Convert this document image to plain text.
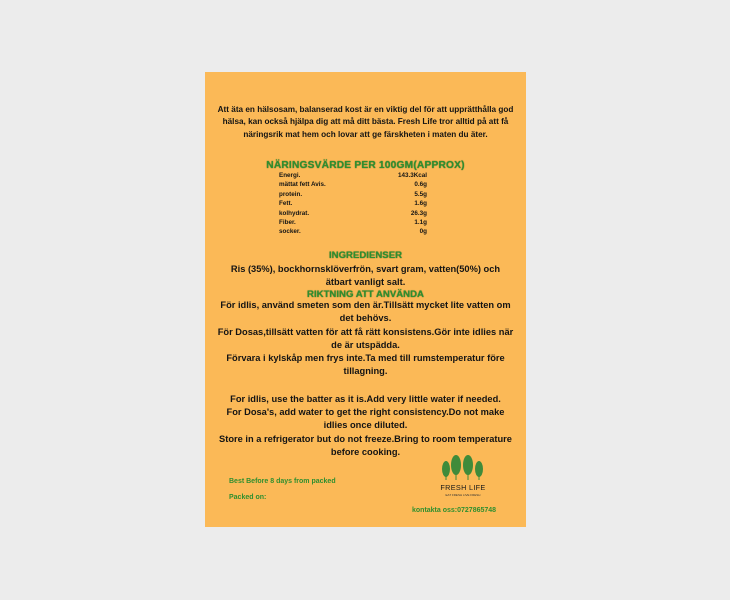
Att äta en hälsosam, balanserad kost är en viktig del för att upprätthålla god hälsa, kan också hjälpa dig att må ditt bästa. Fresh Life tror alltid på att få näringsrik mat hem och lovar att ge färskheten i maten du äter.
NÄRINGSVÄRDE PER 100GM(APPROX)
Energi.	143.3Kcal
mättat fett Avis.	0.6g
protein.	5.5g
Fett.	1.6g
kolhydrat.	26.3g
Fiber.	1.1g
socker.	0g
INGREDIENSER
Ris (35%), bockhornsklöverfrön, svart gram, vatten(50%) och ätbart vanligt salt.
RIKTNING ATT ANVÄNDA

För idlis, använd smeten som den är.Tillsätt mycket lite vatten om det behövs.

För Dosas,tillsätt vatten för att få rätt konsistens.Gör inte idlies när de är utspädda.

Förvara i kylskåp men frys inte.Ta med till rumstemperatur före tillagning.

For idlis, use the batter as it is.Add very little water if needed.

For Dosa's, add water to get the right consistency.Do not make idlies once diluted.

Store in a refrigerator but do not freeze.Bring to room temperature before cooking.

Best Before 8 days from packed
Packed on:
FRESH LIFE
EAT FRESH LIVE FRESH
kontakta oss:0727865748
